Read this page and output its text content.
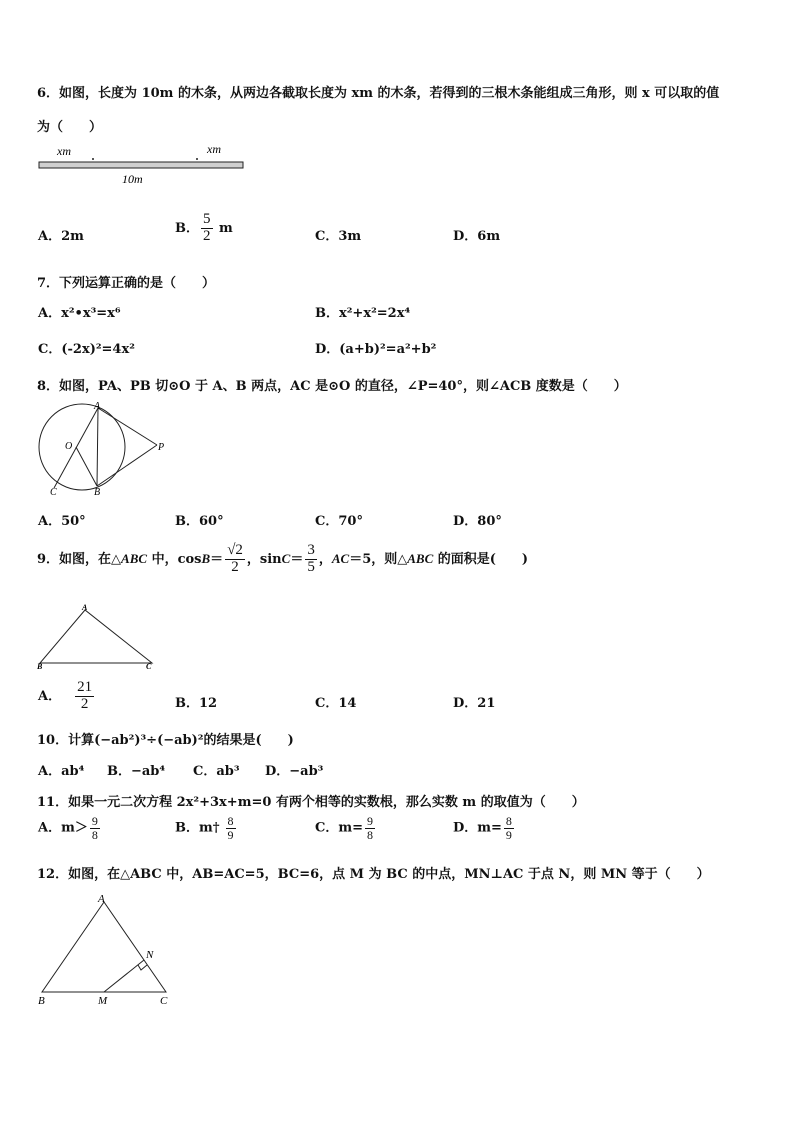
6．如图，长度为 10m 的木条，从两边各截取长度为 xm 的木条，若得到的三根木条能组成三角形，则 x 可以取的值
为（　　）
xm	xm
10m
A．2m
B． $\frac{5}{2}$ m
C．3m	D．6m
7．下列运算正确的是（　　）
A．x²•x³=x⁶	B．x²+x²=2x⁴
C．(-2x)²=4x²	D．(a+b)²=a²+b²
8．如图，PA、PB 切⊙O 于 A、B 两点，AC 是⊙O 的直径，∠P=40°，则∠ACB 度数是（　　）
A
O	P
C	B
A．50°	B．60°	C．70°	D．80°
9．如图，在△ABC 中，$\cos B= \frac{√2}{2}$ ，$\sin C= \frac{3}{5}$ ，AC＝5，则△ABC 的面积是(　　)
A
B	C
A． $\frac{21}{2}$	B．12	C．14	D．21
10．计算(−ab²)³÷(−ab)²的结果是(　　)
A．ab⁴ B．−ab⁴ C．ab³ D．−ab³
11．如果一元二次方程 2x²+3x+m=0 有两个相等的实数根，那么实数 m 的取值为（　　）
A．$m> \frac{9}{8}$	B．m† $\frac{8}{9}$	C．$m= \frac{9}{8}$	D．$m= \frac{8}{9}$
12．如图，在△ABC 中，AB=AC=5，BC=6，点 M 为 BC 的中点，MN⊥AC 于点 N，则 MN 等于（　　）
A
N
B	M	C
